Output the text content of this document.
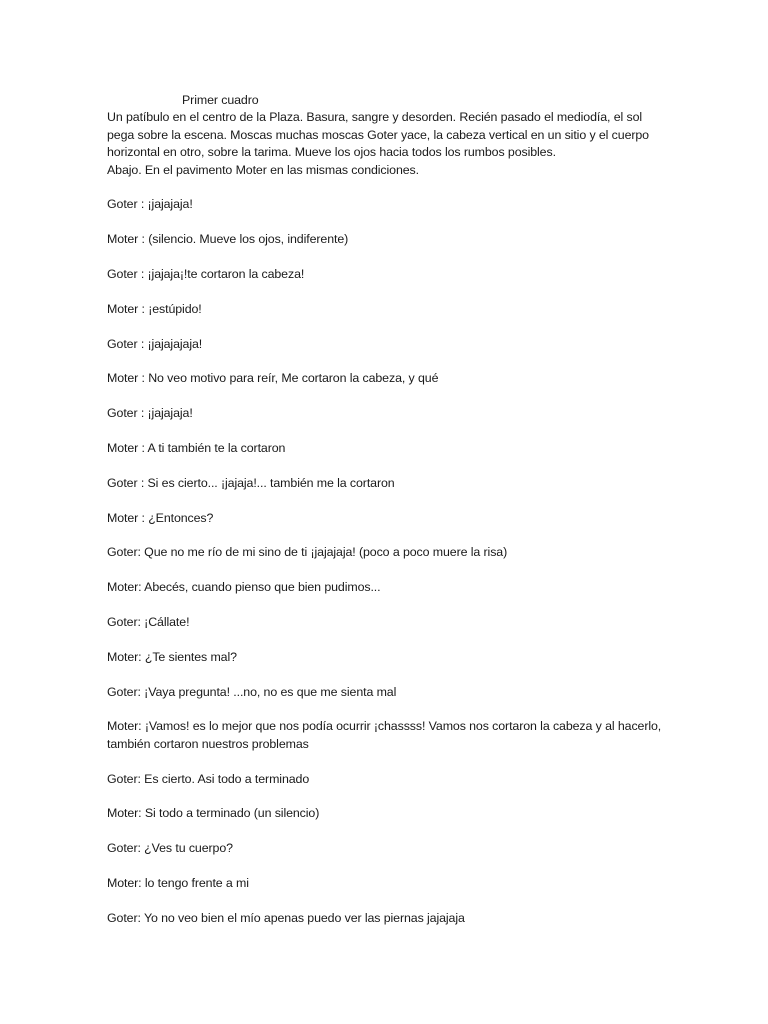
Primer cuadro

Un patíbulo en el centro de la Plaza. Basura, sangre y desorden. Recién pasado el mediodía, el sol
pega sobre la escena. Moscas muchas moscas Goter yace, la cabeza vertical en un sitio y el cuerpo
horizontal en otro, sobre la tarima. Mueve los ojos hacia todos los rumbos posibles.
Abajo. En el pavimento Moter en las mismas condiciones.

Goter : ¡jajajaja!
Moter : (silencio. Mueve los ojos, indiferente)
Goter : ¡jajaja¡!te cortaron la cabeza!
Moter : ¡estúpido!
Goter : ¡jajajajaja!
Moter : No veo motivo para reír, Me cortaron la cabeza, y qué
Goter : ¡jajajaja!
Moter : A ti también te la cortaron
Goter : Si es cierto... ¡jajaja!... también me la cortaron
Moter : ¿Entonces?
Goter: Que no me río de mi sino de ti ¡jajajaja! (poco a poco muere la risa)
Moter: Abecés, cuando pienso que bien pudimos...
Goter: ¡Cállate!
Moter: ¿Te sientes mal?
Goter: ¡Vaya pregunta! ...no, no es que me sienta mal
Moter: ¡Vamos! es lo mejor que nos podía ocurrir ¡chassss! Vamos nos cortaron la cabeza y al hacerlo, también cortaron nuestros problemas
Goter: Es cierto. Asi todo a terminado
Moter: Si todo a terminado (un silencio)
Goter: ¿Ves tu cuerpo?
Moter: lo tengo frente a mi
Goter: Yo no veo bien el mío apenas puedo ver las piernas jajajaja
